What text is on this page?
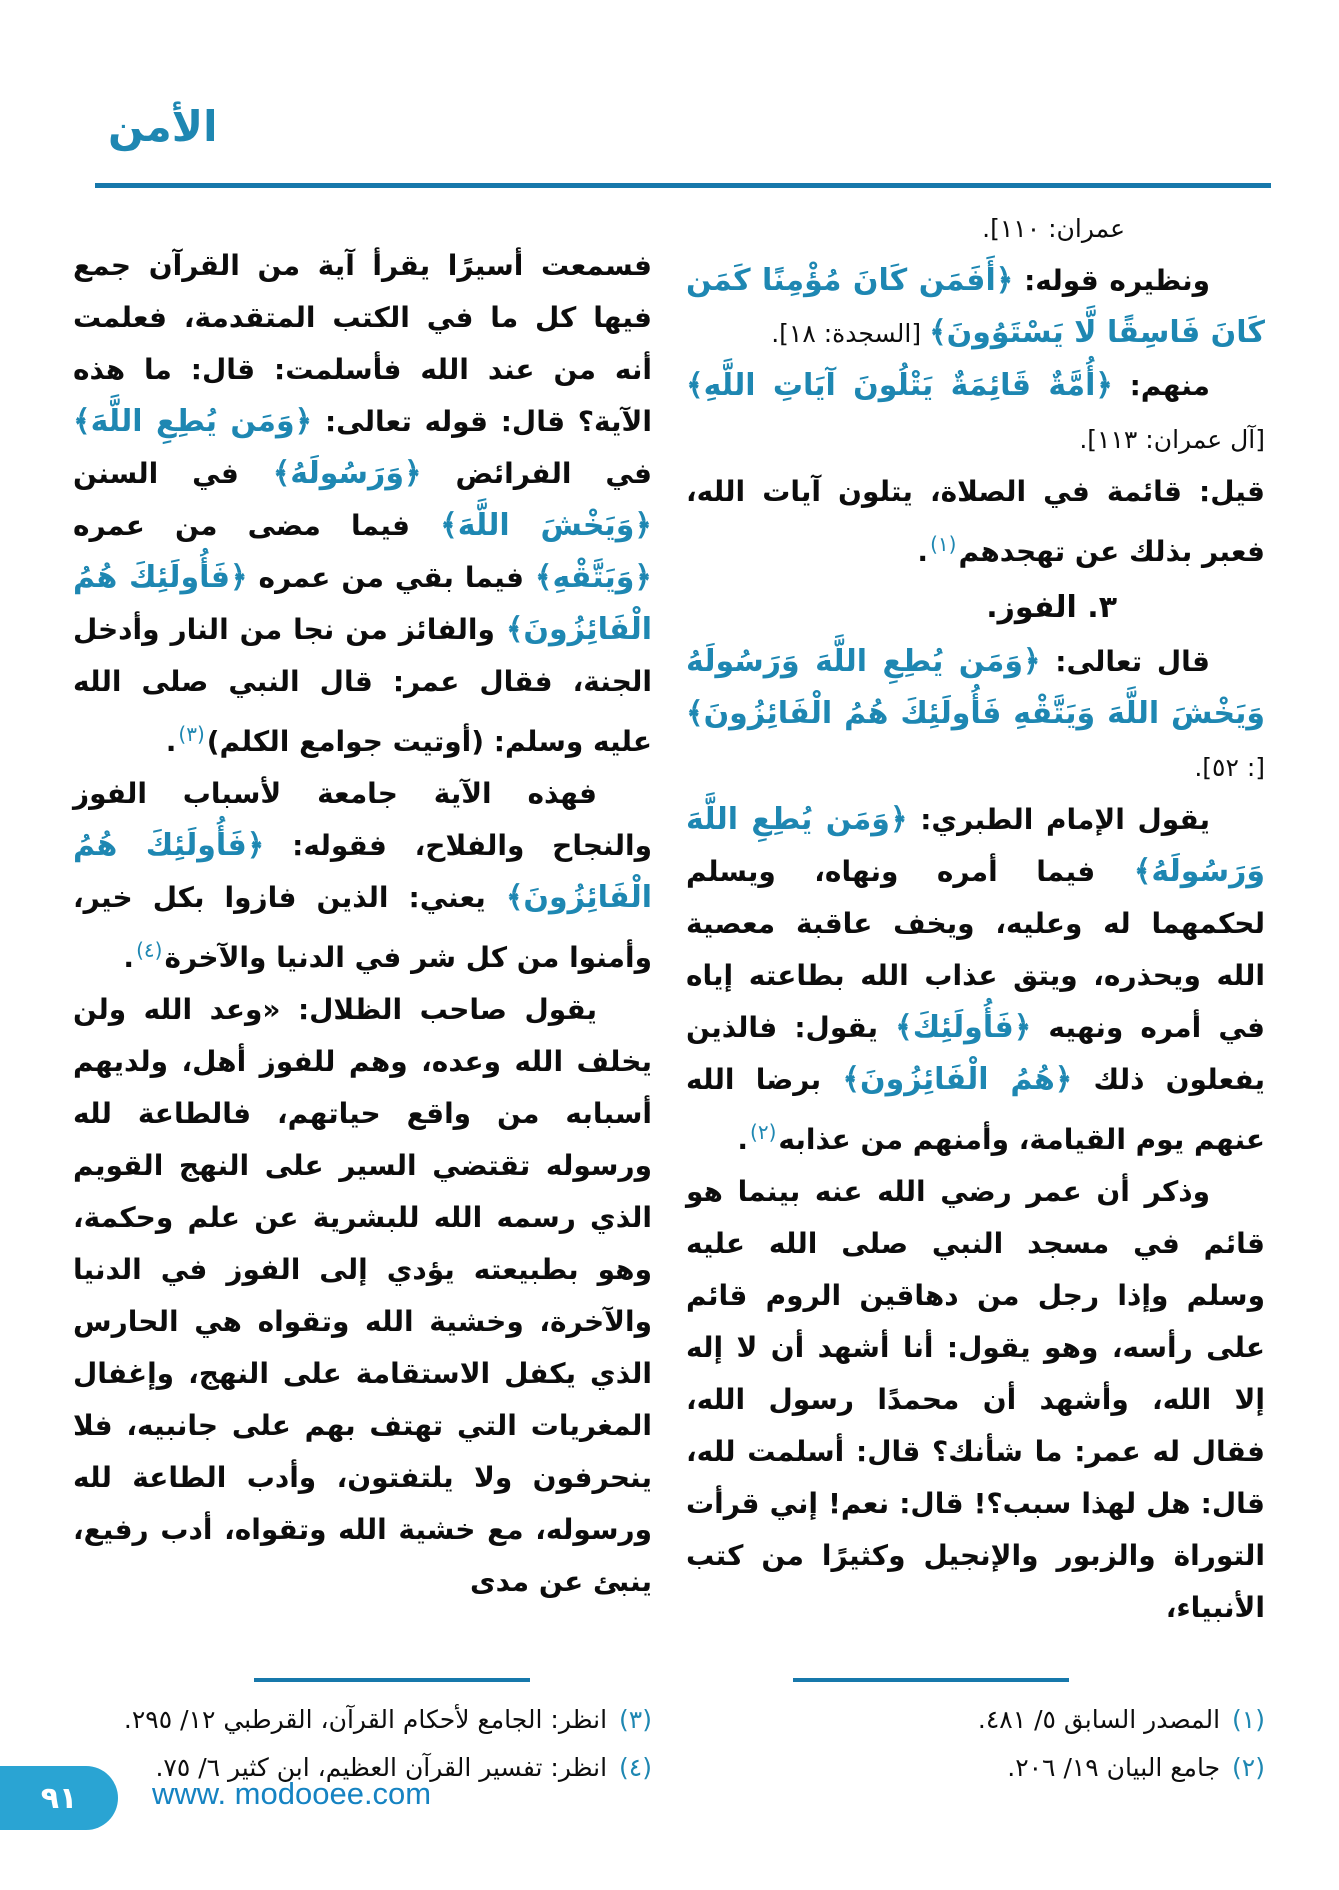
الأمن

عمران: ١١٠].

ونظيره قوله: ﴿أَفَمَن كَانَ مُؤْمِنًا كَمَن كَانَ فَاسِقًا لَّا يَسْتَوُونَ﴾ [السجدة: ١٨].

منهم: ﴿أُمَّةٌ قَائِمَةٌ يَتْلُونَ آيَاتِ اللَّهِ﴾ [آل عمران: ١١٣].

قيل: قائمة في الصلاة، يتلون آيات الله، فعبر بذلك عن تهجدهم$^{(١)}$.

٣. الفوز.

قال تعالى: ﴿وَمَن يُطِعِ اللَّهَ وَرَسُولَهُ وَيَخْشَ اللَّهَ وَيَتَّقْهِ فَأُولَئِكَ هُمُ الْفَائِزُونَ﴾ [: ٥٢].

يقول الإمام الطبري: ﴿وَمَن يُطِعِ اللَّهَ وَرَسُولَهُ﴾ فيما أمره ونهاه، ويسلم لحكمهما له وعليه، ويخف عاقبة معصية الله ويحذره، ويتق عذاب الله بطاعته إياه في أمره ونهيه ﴿فَأُولَئِكَ﴾ يقول: فالذين يفعلون ذلك ﴿هُمُ الْفَائِزُونَ﴾ برضا الله عنهم يوم القيامة، وأمنهم من عذابه$^{(٢)}$.

وذكر أن عمر رضي الله عنه بينما هو قائم في مسجد النبي صلى الله عليه وسلم وإذا رجل من دهاقين الروم قائم على رأسه، وهو يقول: أنا أشهد أن لا إله إلا الله، وأشهد أن محمدًا رسول الله، فقال له عمر: ما شأنك؟ قال: أسلمت لله، قال: هل لهذا سبب؟! قال: نعم! إني قرأت التوراة والزبور والإنجيل وكثيرًا من كتب الأنبياء،

(١)المصدر السابق ٥/ ٤٨١.

(٢)جامع البيان ١٩/ ٢٠٦.

فسمعت أسيرًا يقرأ آية من القرآن جمع فيها كل ما في الكتب المتقدمة، فعلمت أنه من عند الله فأسلمت: قال: ما هذه الآية؟ قال: قوله تعالى: ﴿وَمَن يُطِعِ اللَّهَ﴾ في الفرائض ﴿وَرَسُولَهُ﴾ في السنن ﴿وَيَخْشَ اللَّهَ﴾ فيما مضى من عمره ﴿وَيَتَّقْهِ﴾ فيما بقي من عمره ﴿فَأُولَئِكَ هُمُ الْفَائِزُونَ﴾ والفائز من نجا من النار وأدخل الجنة، فقال عمر: قال النبي صلى الله عليه وسلم: (أوتيت جوامع الكلم)$^{(٣)}$.

فهذه الآية جامعة لأسباب الفوز والنجاح والفلاح، فقوله: ﴿فَأُولَئِكَ هُمُ الْفَائِزُونَ﴾ يعني: الذين فازوا بكل خير، وأمنوا من كل شر في الدنيا والآخرة$^{(٤)}$.

يقول صاحب الظلال: «وعد الله ولن يخلف الله وعده، وهم للفوز أهل، ولديهم أسبابه من واقع حياتهم، فالطاعة لله ورسوله تقتضي السير على النهج القويم الذي رسمه الله للبشرية عن علم وحكمة، وهو بطبيعته يؤدي إلى الفوز في الدنيا والآخرة، وخشية الله وتقواه هي الحارس الذي يكفل الاستقامة على النهج، وإغفال المغريات التي تهتف بهم على جانبيه، فلا ينحرفون ولا يلتفتون، وأدب الطاعة لله ورسوله، مع خشية الله وتقواه، أدب رفيع، ينبئ عن مدى

(٣)انظر: الجامع لأحكام القرآن، القرطبي ١٢/ ٢٩٥.

(٤)انظر: تفسير القرآن العظيم، ابن كثير ٦/ ٧٥.

٩١ www. modooee.com
